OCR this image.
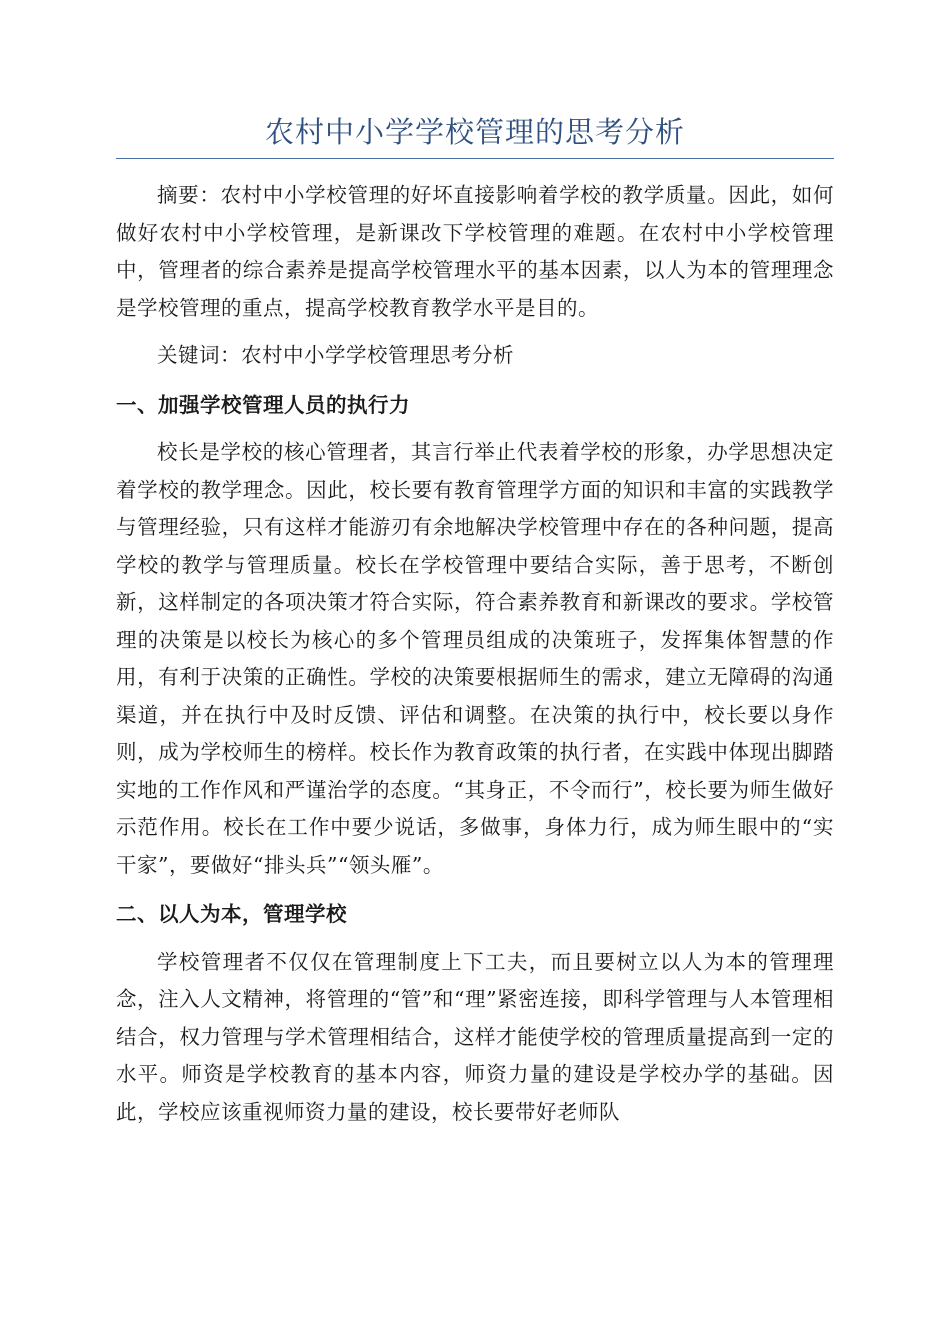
农村中小学学校管理的思考分析

摘要：农村中小学校管理的好坏直接影响着学校的教学质量。因此，如何做好农村中小学校管理，是新课改下学校管理的难题。在农村中小学校管理中，管理者的综合素养是提高学校管理水平的基本因素，以人为本的管理理念是学校管理的重点，提高学校教育教学水平是目的。

关键词：农村中小学学校管理思考分析

一、加强学校管理人员的执行力

校长是学校的核心管理者，其言行举止代表着学校的形象，办学思想决定着学校的教学理念。因此，校长要有教育管理学方面的知识和丰富的实践教学与管理经验，只有这样才能游刃有余地解决学校管理中存在的各种问题，提高学校的教学与管理质量。校长在学校管理中要结合实际，善于思考，不断创新，这样制定的各项决策才符合实际，符合素养教育和新课改的要求。学校管理的决策是以校长为核心的多个管理员组成的决策班子，发挥集体智慧的作用，有利于决策的正确性。学校的决策要根据师生的需求，建立无障碍的沟通渠道，并在执行中及时反馈、评估和调整。在决策的执行中，校长要以身作则，成为学校师生的榜样。校长作为教育政策的执行者，在实践中体现出脚踏实地的工作作风和严谨治学的态度。“其身正，不令而行”，校长要为师生做好示范作用。校长在工作中要少说话，多做事，身体力行，成为师生眼中的“实干家”，要做好“排头兵”“领头雁”。

二、以人为本，管理学校

学校管理者不仅仅在管理制度上下工夫，而且要树立以人为本的管理理念，注入人文精神，将管理的“管”和“理”紧密连接，即科学管理与人本管理相结合，权力管理与学术管理相结合，这样才能使学校的管理质量提高到一定的水平。师资是学校教育的基本内容，师资力量的建设是学校办学的基础。因此，学校应该重视师资力量的建设，校长要带好老师队
